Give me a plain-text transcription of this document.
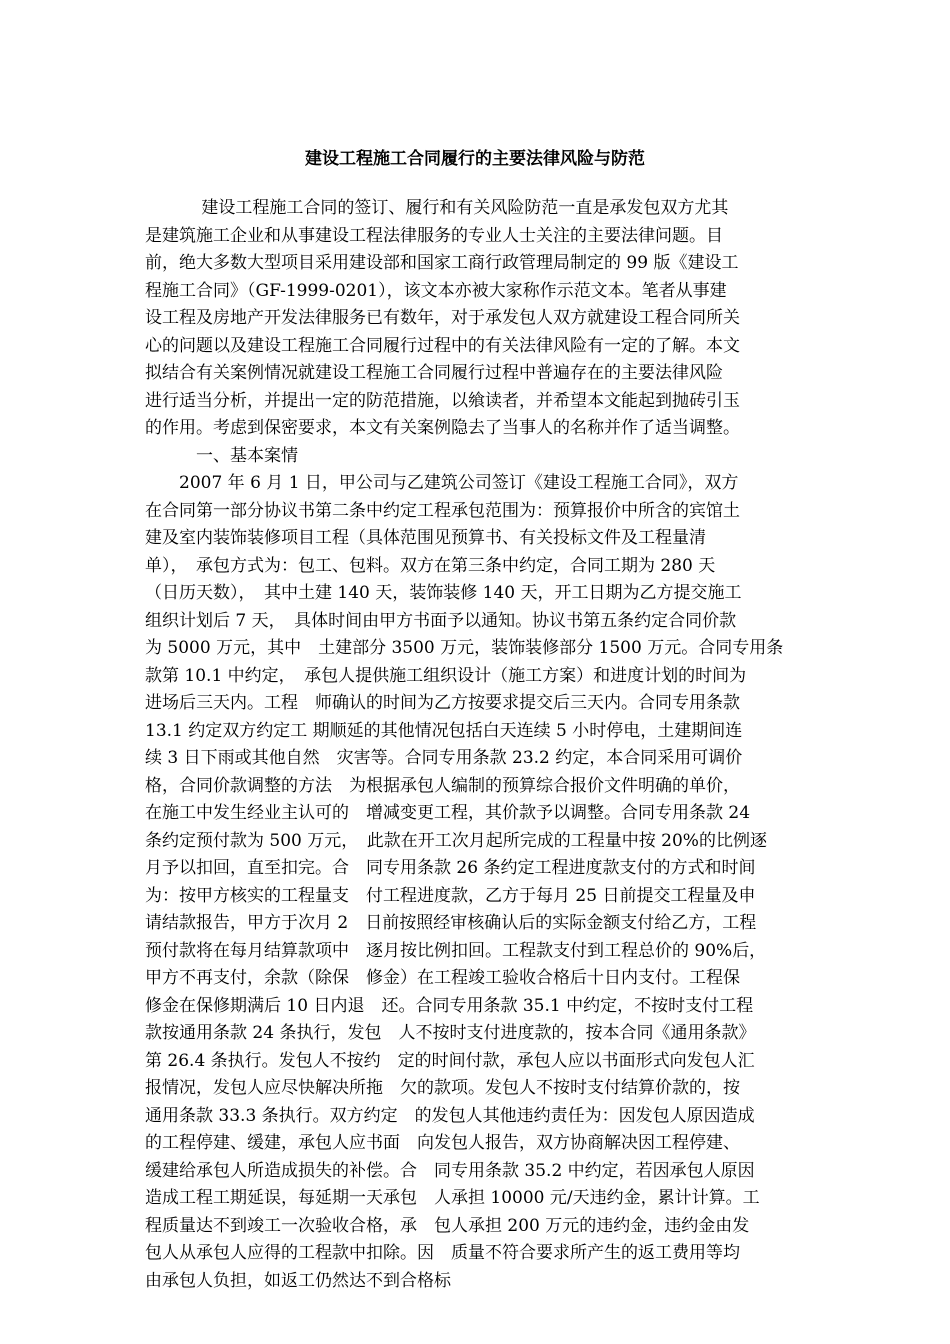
建设工程施工合同履行的主要法律风险与防范
　　　 建设工程施工合同的签订、履行和有关风险防范一直是承发包双方尤其
是建筑施工企业和从事建设工程法律服务的专业人士关注的主要法律问题。目
前，绝大多数大型项目采用建设部和国家工商行政管理局制定的 99 版《建设工
程施工合同》（GF-1999-0201），该文本亦被大家称作示范文本。笔者从事建
设工程及房地产开发法律服务已有数年，对于承发包人双方就建设工程合同所关
心的问题以及建设工程施工合同履行过程中的有关法律风险有一定的了解。本文
拟结合有关案例情况就建设工程施工合同履行过程中普遍存在的主要法律风险
进行适当分析，并提出一定的防范措施，以飨读者，并希望本文能起到抛砖引玉
的作用。考虑到保密要求，本文有关案例隐去了当事人的名称并作了适当调整。
　　　一、基本案情
　　2007 年 6 月 1 日，甲公司与乙建筑公司签订《建设工程施工合同》，双方
在合同第一部分协议书第二条中约定工程承包范围为：预算报价中所含的宾馆土
建及室内装饰装修项目工程（具体范围见预算书、有关投标文件及工程量清
单），　承包方式为：包工、包料。双方在第三条中约定，合同工期为 280 天
（日历天数），　其中土建 140 天，装饰装修 140 天，开工日期为乙方提交施工
组织计划后 7 天，　具体时间由甲方书面予以通知。协议书第五条约定合同价款
为 5000 万元，其中　土建部分 3500 万元，装饰装修部分 1500 万元。合同专用条
款第 10.1 中约定，　承包人提供施工组织设计（施工方案）和进度计划的时间为
进场后三天内。工程　师确认的时间为乙方按要求提交后三天内。合同专用条款
13.1 约定双方约定工 期顺延的其他情况包括白天连续 5 小时停电，土建期间连
续 3 日下雨或其他自然　灾害等。合同专用条款 23.2 约定，本合同采用可调价
格，合同价款调整的方法　为根据承包人编制的预算综合报价文件明确的单价，
在施工中发生经业主认可的　增减变更工程，其价款予以调整。合同专用条款 24
条约定预付款为 500 万元，　此款在开工次月起所完成的工程量中按 20%的比例逐
月予以扣回，直至扣完。合　同专用条款 26 条约定工程进度款支付的方式和时间
为：按甲方核实的工程量支　付工程进度款，乙方于每月 25 日前提交工程量及申
请结款报告，甲方于次月 2　日前按照经审核确认后的实际金额支付给乙方，工程
预付款将在每月结算款项中　逐月按比例扣回。工程款支付到工程总价的 90%后，
甲方不再支付，余款（除保　修金）在工程竣工验收合格后十日内支付。工程保
修金在保修期满后 10 日内退　还。合同专用条款 35.1 中约定，不按时支付工程
款按通用条款 24 条执行，发包　人不按时支付进度款的，按本合同《通用条款》
第 26.4 条执行。发包人不按约　定的时间付款，承包人应以书面形式向发包人汇
报情况，发包人应尽快解决所拖　欠的款项。发包人不按时支付结算价款的，按
通用条款 33.3 条执行。双方约定　的发包人其他违约责任为：因发包人原因造成
的工程停建、缓建，承包人应书面　向发包人报告，双方协商解决因工程停建、
缓建给承包人所造成损失的补偿。合　同专用条款 35.2 中约定，若因承包人原因
造成工程工期延误，每延期一天承包　人承担 10000 元/天违约金，累计计算。工
程质量达不到竣工一次验收合格，承　包人承担 200 万元的违约金，违约金由发
包人从承包人应得的工程款中扣除。因　质量不符合要求所产生的返工费用等均
由承包人负担，如返工仍然达不到合格标
